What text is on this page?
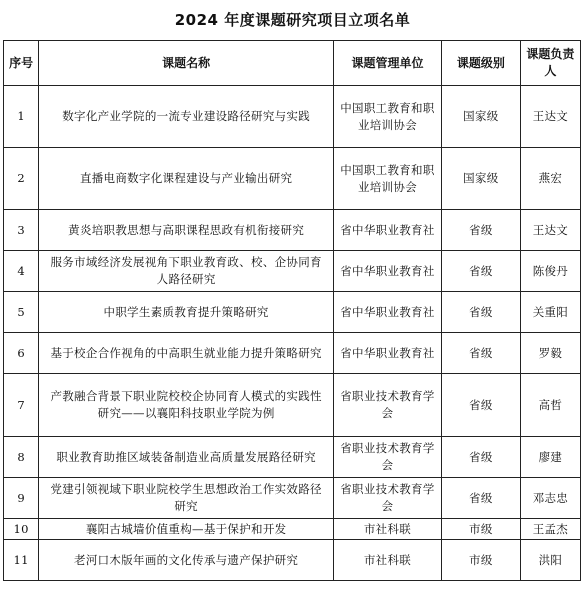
2024 年度课题研究项目立项名单
序号	课题名称	课题管理单位	课题级别	课题负责人
1	数字化产业学院的一流专业建设路径研究与实践	中国职工教育和职业培训协会	国家级	王达文
2	直播电商数字化课程建设与产业输出研究	中国职工教育和职业培训协会	国家级	燕宏
3	黄炎培职教思想与高职课程思政有机衔接研究	省中华职业教育社	省级	王达文
4	服务市域经济发展视角下职业教育政、校、企协同育人路径研究	省中华职业教育社	省级	陈俊丹
5	中职学生素质教育提升策略研究	省中华职业教育社	省级	关重阳
6	基于校企合作视角的中高职生就业能力提升策略研究	省中华职业教育社	省级	罗毅
7	产教融合背景下职业院校校企协同育人模式的实践性研究——以襄阳科技职业学院为例	省职业技术教育学会	省级	高哲
8	职业教育助推区域装备制造业高质量发展路径研究	省职业技术教育学会	省级	廖建
9	党建引领视域下职业院校学生思想政治工作实效路径研究	省职业技术教育学会	省级	邓志忠
10	襄阳古城墙价值重构—基于保护和开发	市社科联	市级	王孟杰
11	老河口木版年画的文化传承与遗产保护研究	市社科联	市级	洪阳
